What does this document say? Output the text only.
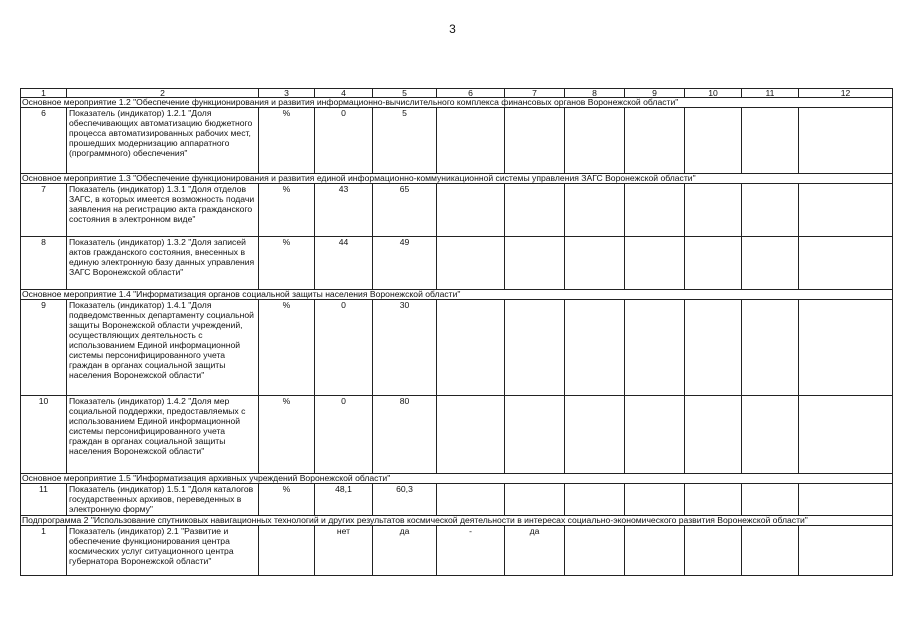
3
1	2	3	4	5	6	7	8	9	10	11	12
Основное мероприятие 1.2 "Обеспечение функционирования и развития информационно-вычислительного комплекса финансовых органов Воронежской области"											
6	Показатель (индикатор) 1.2.1 "Доля обеспечивающих автоматизацию бюджетного процесса автоматизированных рабочих мест, прошедших модернизацию аппаратного (программного) обеспечения"	%	0	5							
Основное мероприятие 1.3 "Обеспечение функционирования и развития единой информационно-коммуникационной системы управления ЗАГС Воронежской области"											
7	Показатель (индикатор) 1.3.1 "Доля отделов ЗАГС, в которых имеется возможность подачи заявления на регистрацию акта гражданского состояния в электронном виде"	%	43	65							
8	Показатель (индикатор) 1.3.2 "Доля записей актов гражданского состояния, внесенных в единую электронную базу данных управления ЗАГС Воронежской области"	%	44	49							
Основное мероприятие 1.4 "Информатизация органов социальной защиты населения Воронежской области"											
9	Показатель (индикатор) 1.4.1 "Доля подведомственных департаменту социальной защиты Воронежской области учреждений, осуществляющих деятельность с использованием Единой информационной системы персонифицированного учета граждан в органах социальной защиты населения Воронежской области"	%	0	30							
10	Показатель (индикатор) 1.4.2 "Доля мер социальной поддержки, предоставляемых с использованием Единой информационной системы персонифицированного учета граждан в органах социальной защиты населения Воронежской области"	%	0	80							
Основное мероприятие 1.5 "Информатизация архивных учреждений Воронежской области"											
11	Показатель (индикатор) 1.5.1 "Доля каталогов государственных архивов, переведенных в электронную форму"	%	48,1	60,3							
Подпрограмма 2 "Использование спутниковых навигационных технологий и других результатов космической деятельности в интересах социально-экономического развития Воронежской области"											
1	Показатель (индикатор) 2.1 "Развитие и обеспечение функционирования центра космических услуг ситуационного центра губернатора Воронежской области"		нет	да	-	да					
